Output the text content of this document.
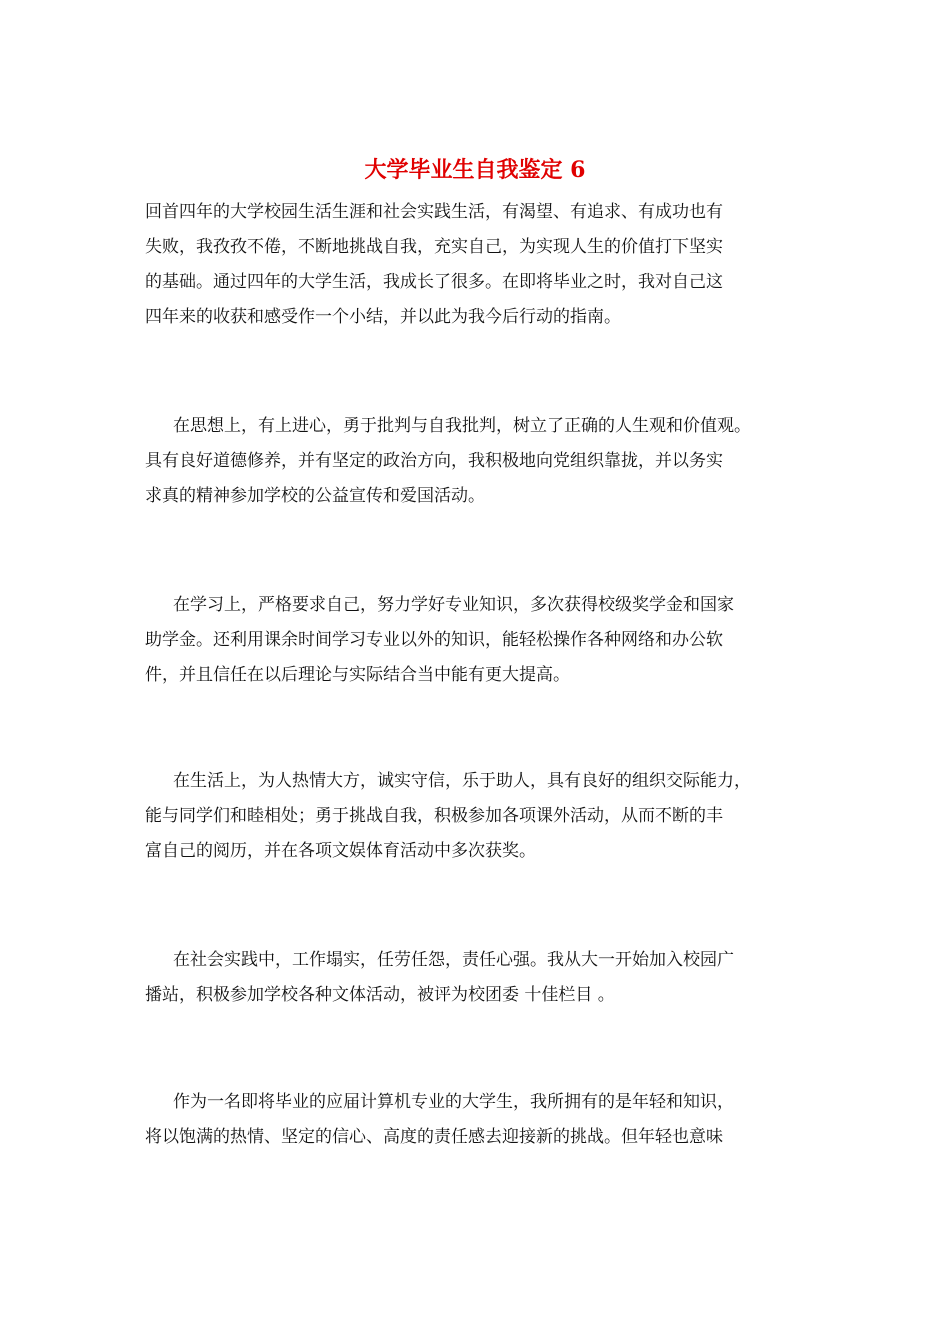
大学毕业生自我鉴定 6
回首四年的大学校园生活生涯和社会实践生活，有渴望、有追求、有成功也有
失败，我孜孜不倦，不断地挑战自我，充实自己，为实现人生的价值打下坚实
的基础。通过四年的大学生活，我成长了很多。在即将毕业之时，我对自己这
四年来的收获和感受作一个小结，并以此为我今后行动的指南。
在思想上，有上进心，勇于批判与自我批判，树立了正确的人生观和价值观。
具有良好道德修养，并有坚定的政治方向，我积极地向党组织靠拢，并以务实
求真的精神参加学校的公益宣传和爱国活动。
在学习上，严格要求自己，努力学好专业知识，多次获得校级奖学金和国家
助学金。还利用课余时间学习专业以外的知识，能轻松操作各种网络和办公软
件，并且信任在以后理论与实际结合当中能有更大提高。
在生活上，为人热情大方，诚实守信，乐于助人，具有良好的组织交际能力，
能与同学们和睦相处；勇于挑战自我，积极参加各项课外活动，从而不断的丰
富自己的阅历，并在各项文娱体育活动中多次获奖。
在社会实践中，工作塌实，任劳任怨，责任心强。我从大一开始加入校园广
播站，积极参加学校各种文体活动，被评为校团委 十佳栏目 。
作为一名即将毕业的应届计算机专业的大学生，我所拥有的是年轻和知识，
将以饱满的热情、坚定的信心、高度的责任感去迎接新的挑战。但年轻也意味
